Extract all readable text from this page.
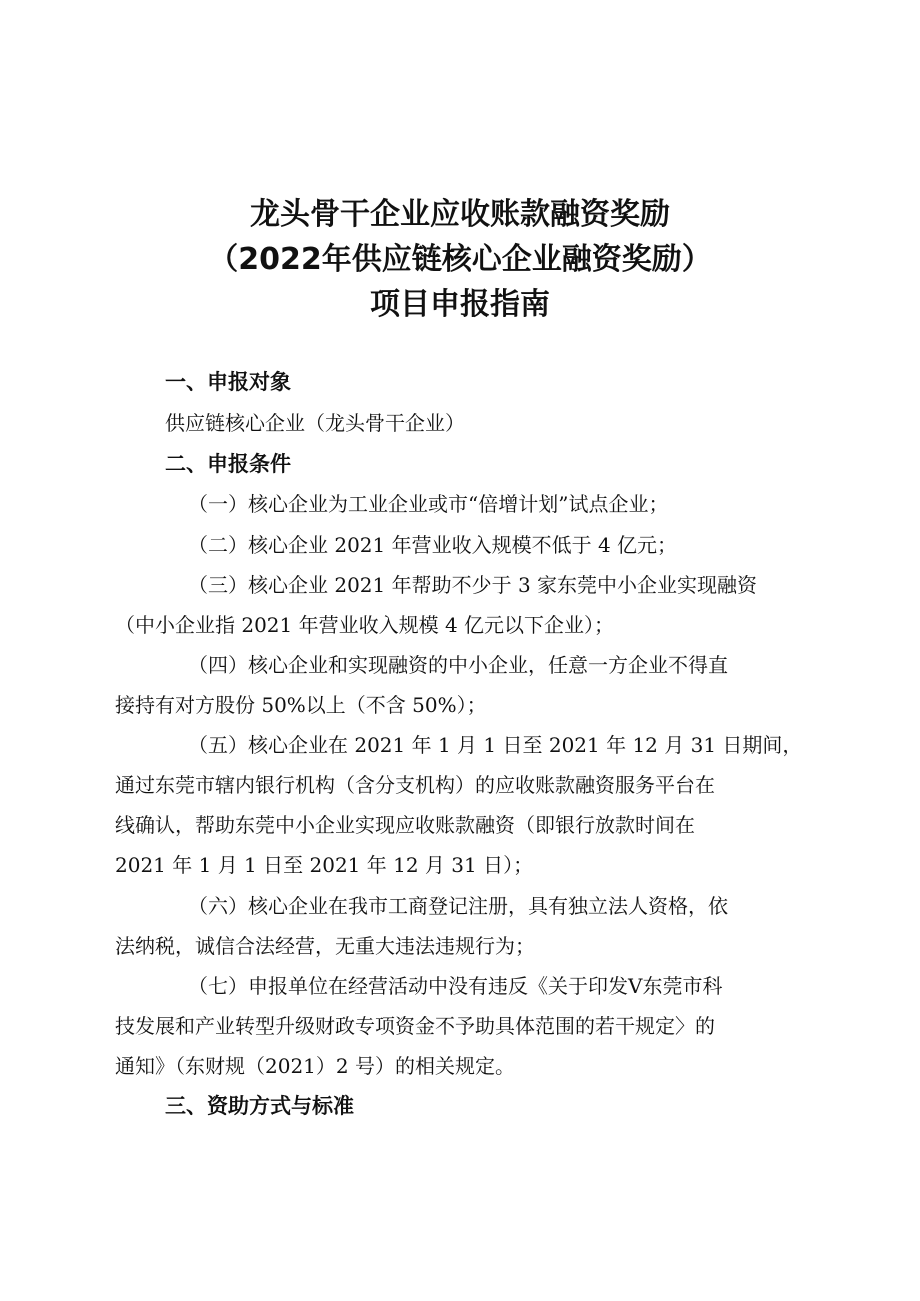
龙头骨干企业应收账款融资奖励
（2022年供应链核心企业融资奖励）
项目申报指南
一、申报对象
供应链核心企业（龙头骨干企业）
二、申报条件
（一）核心企业为工业企业或市“倍增计划”试点企业；
（二）核心企业 2021 年营业收入规模不低于 4 亿元；
（三）核心企业 2021 年帮助不少于 3 家东莞中小企业实现融资
（中小企业指 2021 年营业收入规模 4 亿元以下企业）；
（四）核心企业和实现融资的中小企业，任意一方企业不得直
接持有对方股份 50%以上（不含 50%）；
（五）核心企业在 2021 年 1 月 1 日至 2021 年 12 月 31 日期间，
通过东莞市辖内银行机构（含分支机构）的应收账款融资服务平台在
线确认，帮助东莞中小企业实现应收账款融资（即银行放款时间在
2021 年 1 月 1 日至 2021 年 12 月 31 日）；
（六）核心企业在我市工商登记注册，具有独立法人资格，依
法纳税，诚信合法经营，无重大违法违规行为；
（七）申报单位在经营活动中没有违反《关于印发Ⅴ东莞市科
技发展和产业转型升级财政专项资金不予助具体范围的若干规定〉的
通知》（东财规（2021）2 号）的相关规定。
三、资助方式与标准
